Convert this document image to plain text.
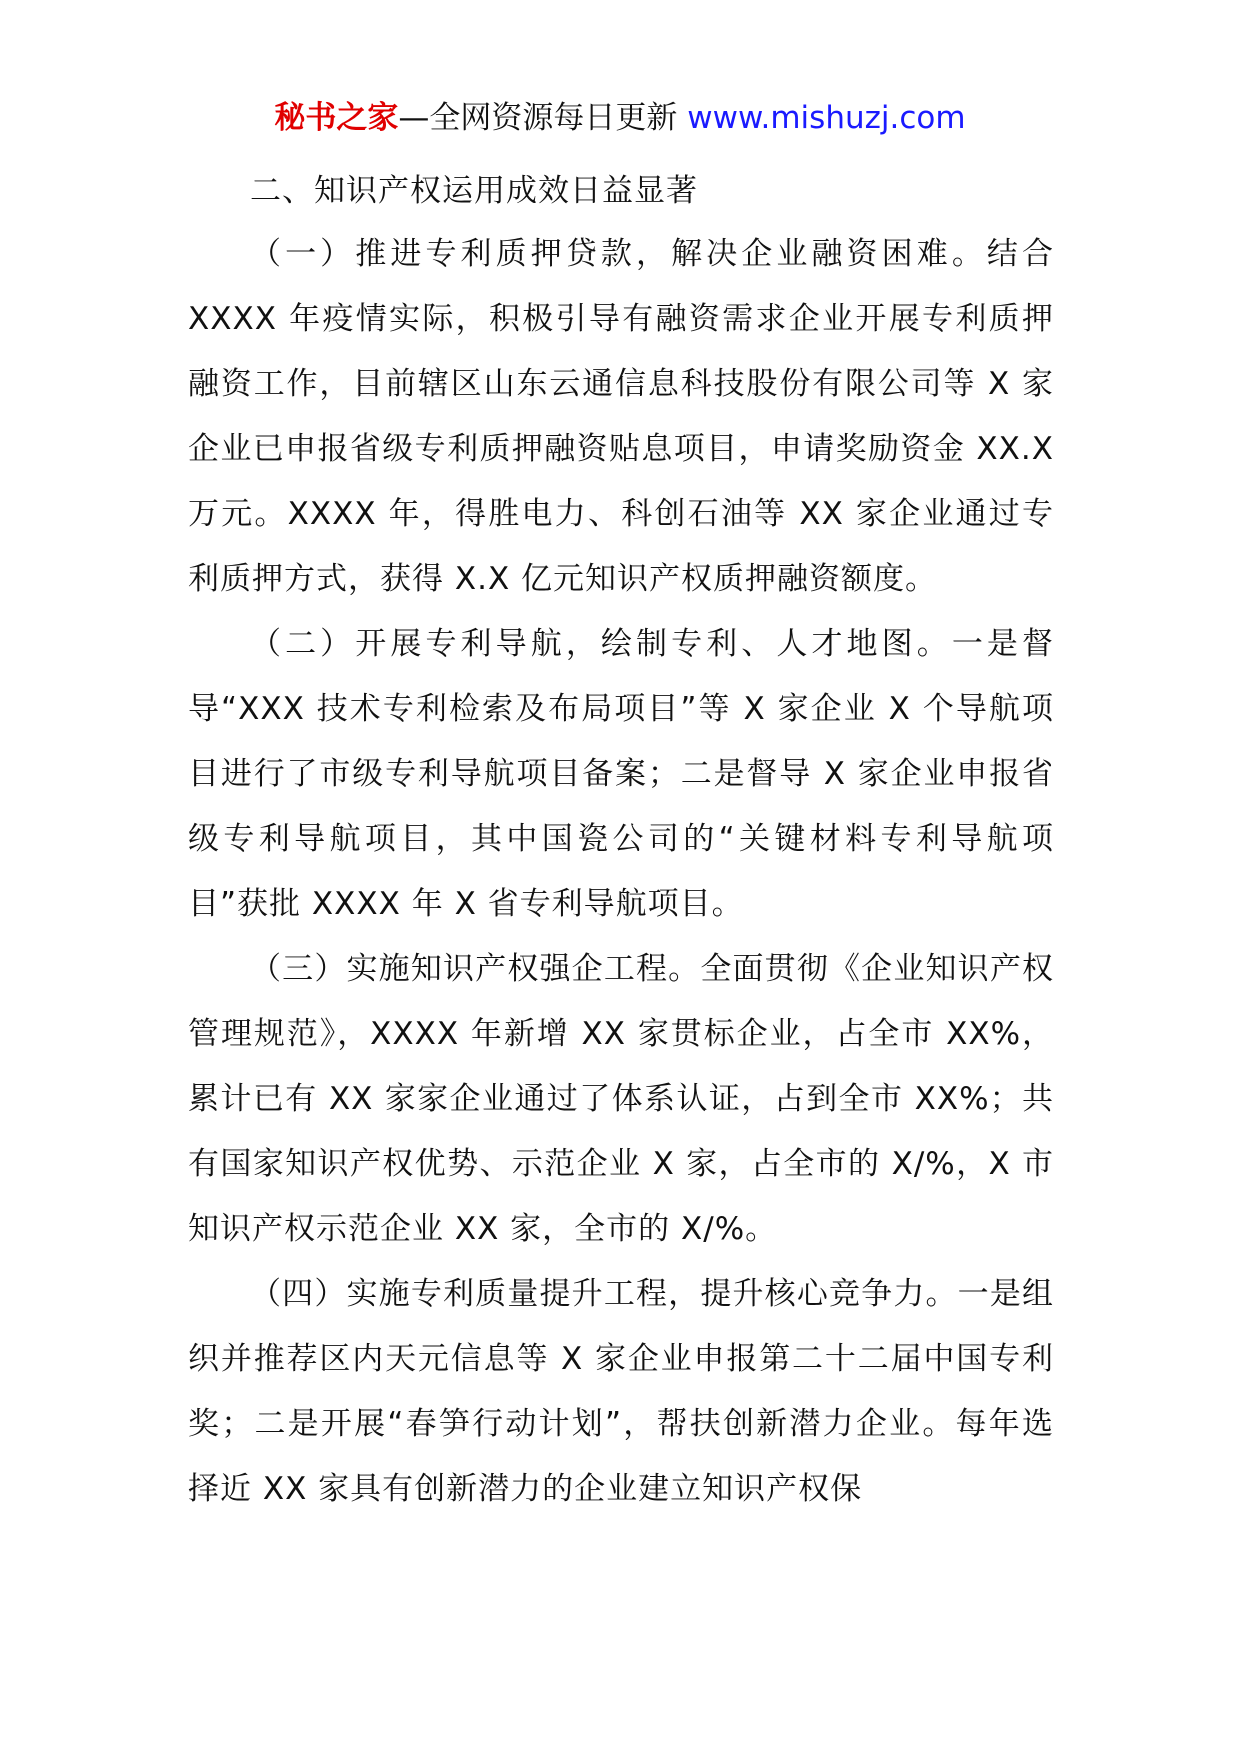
秘书之家—全网资源每日更新 www.mishuzj.com

二、知识产权运用成效日益显著

（一）推进专利质押贷款，解决企业融资困难。结合 XXXX 年疫情实际，积极引导有融资需求企业开展专利质押融资工作，目前辖区山东云通信息科技股份有限公司等 X 家企业已申报省级专利质押融资贴息项目，申请奖励资金 XX.X 万元。XXXX 年，得胜电力、科创石油等 XX 家企业通过专利质押方式，获得 X.X 亿元知识产权质押融资额度。

（二）开展专利导航，绘制专利、人才地图。一是督导“XXX 技术专利检索及布局项目”等 X 家企业 X 个导航项目进行了市级专利导航项目备案；二是督导 X 家企业申报省级专利导航项目，其中国瓷公司的“关键材料专利导航项目”获批 XXXX 年 X 省专利导航项目。

（三）实施知识产权强企工程。全面贯彻《企业知识产权管理规范》，XXXX 年新增 XX 家贯标企业，占全市 XX%，累计已有 XX 家家企业通过了体系认证，占到全市 XX%；共有国家知识产权优势、示范企业 X 家，占全市的 X/%，X 市知识产权示范企业 XX 家，全市的 X/%。

（四）实施专利质量提升工程，提升核心竞争力。一是组织并推荐区内天元信息等 X 家企业申报第二十二届中国专利奖；二是开展“春笋行动计划”，帮扶创新潜力企业。每年选择近 XX 家具有创新潜力的企业建立知识产权保
